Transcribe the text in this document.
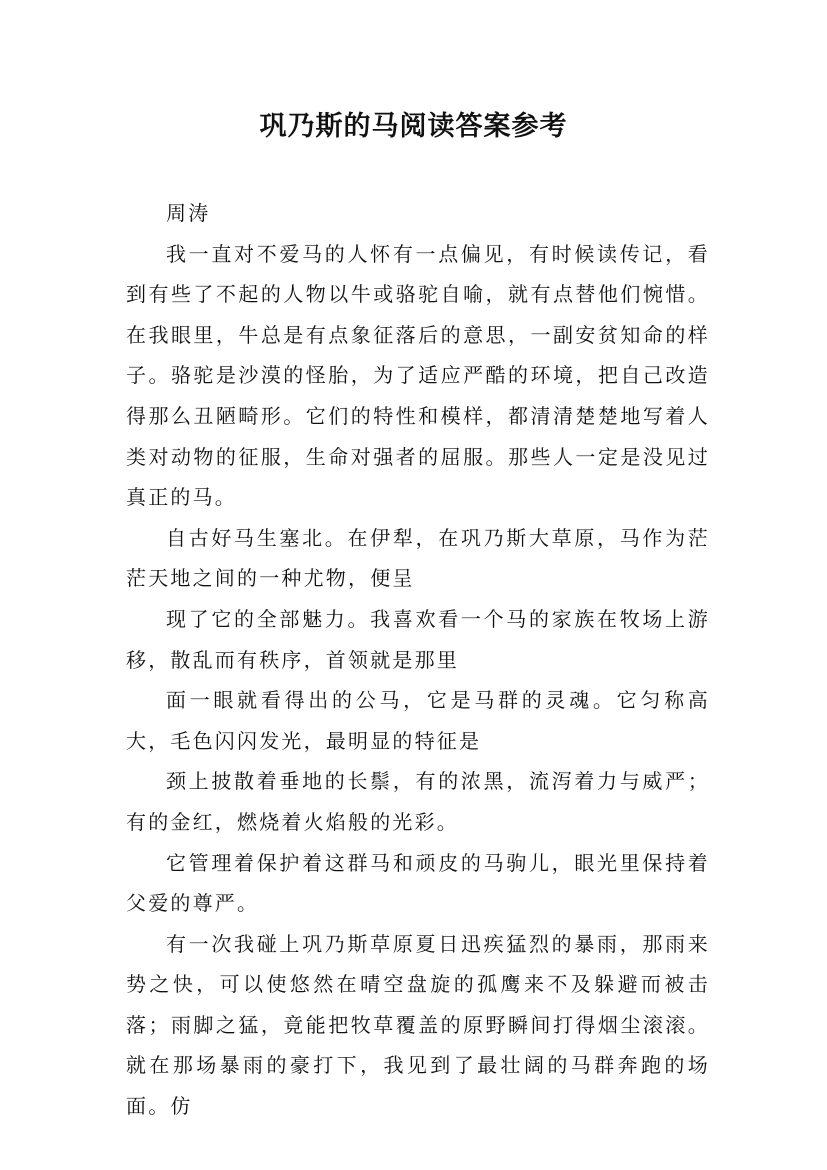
巩乃斯的马阅读答案参考

周涛

我一直对不爱马的人怀有一点偏见，有时候读传记，看到有些了不起的人物以牛或骆驼自喻，就有点替他们惋惜。在我眼里，牛总是有点象征落后的意思，一副安贫知命的样子。骆驼是沙漠的怪胎，为了适应严酷的环境，把自己改造得那么丑陋畸形。它们的特性和模样，都清清楚楚地写着人类对动物的征服，生命对强者的屈服。那些人一定是没见过真正的马。

自古好马生塞北。在伊犁，在巩乃斯大草原，马作为茫茫天地之间的一种尤物，便呈

现了它的全部魅力。我喜欢看一个马的家族在牧场上游移，散乱而有秩序，首领就是那里

面一眼就看得出的公马，它是马群的灵魂。它匀称高大，毛色闪闪发光，最明显的特征是

颈上披散着垂地的长鬃，有的浓黑，流泻着力与威严；有的金红，燃烧着火焰般的光彩。

它管理着保护着这群马和顽皮的马驹儿，眼光里保持着父爱的尊严。

有一次我碰上巩乃斯草原夏日迅疾猛烈的暴雨，那雨来势之快，可以使悠然在晴空盘旋的孤鹰来不及躲避而被击落；雨脚之猛，竟能把牧草覆盖的原野瞬间打得烟尘滚滚。就在那场暴雨的豪打下，我见到了最壮阔的马群奔跑的场面。仿
